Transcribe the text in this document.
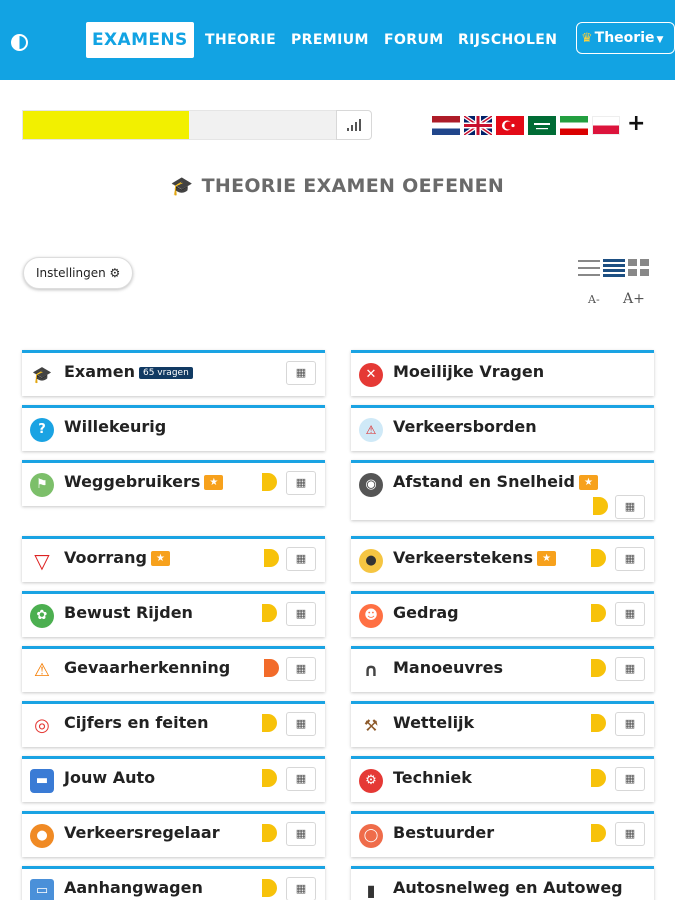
EXAMENS	THEORIE PREMIUM FORUM RIJSCHOLEN	♛ Theorie ▼
+
🎓 THEORIE EXAMEN OEFENEN
Instellingen ⚙
A- A+
🎓 Examen 65 vragen	▦	✕	Moeilijke Vragen
?	Willekeurig	⚠	Verkeersborden
⚑	Weggebruikers ★	▦	◉	Afstand en Snelheid ★
▦
▽ Voorrang ★	▦	●	Verkeerstekens ★	▦
✿	Bewust Rijden	▦	☻ Gedrag	▦
⚠ Gevaarherkenning	▦	∩ Manoeuvres	▦
◎ Cijfers en feiten	▦	⚒ Wettelijk	▦
▬ Jouw Auto	▦	⚙	Techniek	▦
●	Verkeersregelaar	▦	◯ Bestuurder	▦
▭ Aanhangwagen	▦	▮	Autosnelweg en Autoweg
